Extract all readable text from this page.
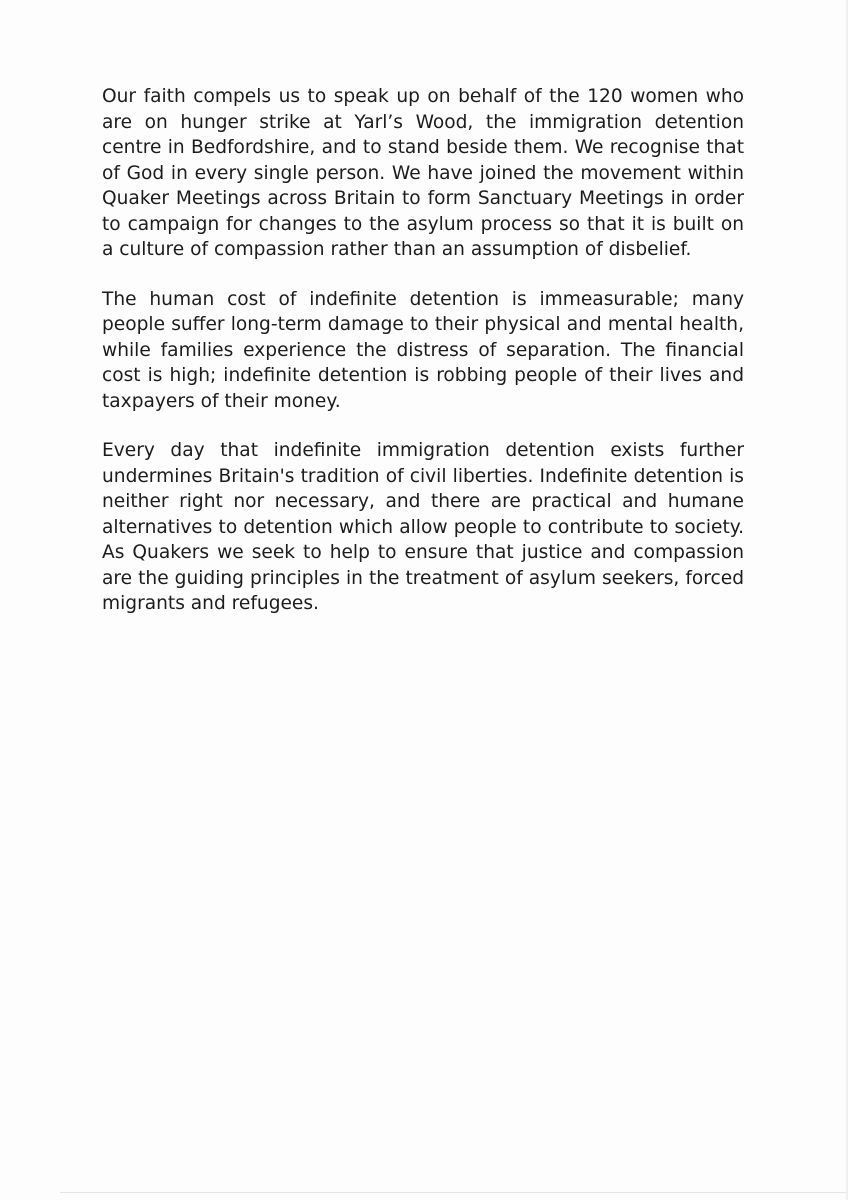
Our faith compels us to speak up on behalf of the 120 women who are on hunger strike at Yarl’s Wood, the immigration detention centre in Bedfordshire, and to stand beside them. We recognise that of God in every single person. We have joined the movement within Quaker Meetings across Britain to form Sanctuary Meetings in order to campaign for changes to the asylum process so that it is built on a culture of compassion rather than an assumption of disbelief.

The human cost of indefinite detention is immeasurable; many people suffer long-term damage to their physical and mental health, while families experience the distress of separation. The financial cost is high; indefinite detention is robbing people of their lives and taxpayers of their money.

Every day that indefinite immigration detention exists further undermines Britain's tradition of civil liberties. Indefinite detention is neither right nor necessary, and there are practical and humane alternatives to detention which allow people to contribute to society. As Quakers we seek to help to ensure that justice and compassion are the guiding principles in the treatment of asylum seekers, forced migrants and refugees.
